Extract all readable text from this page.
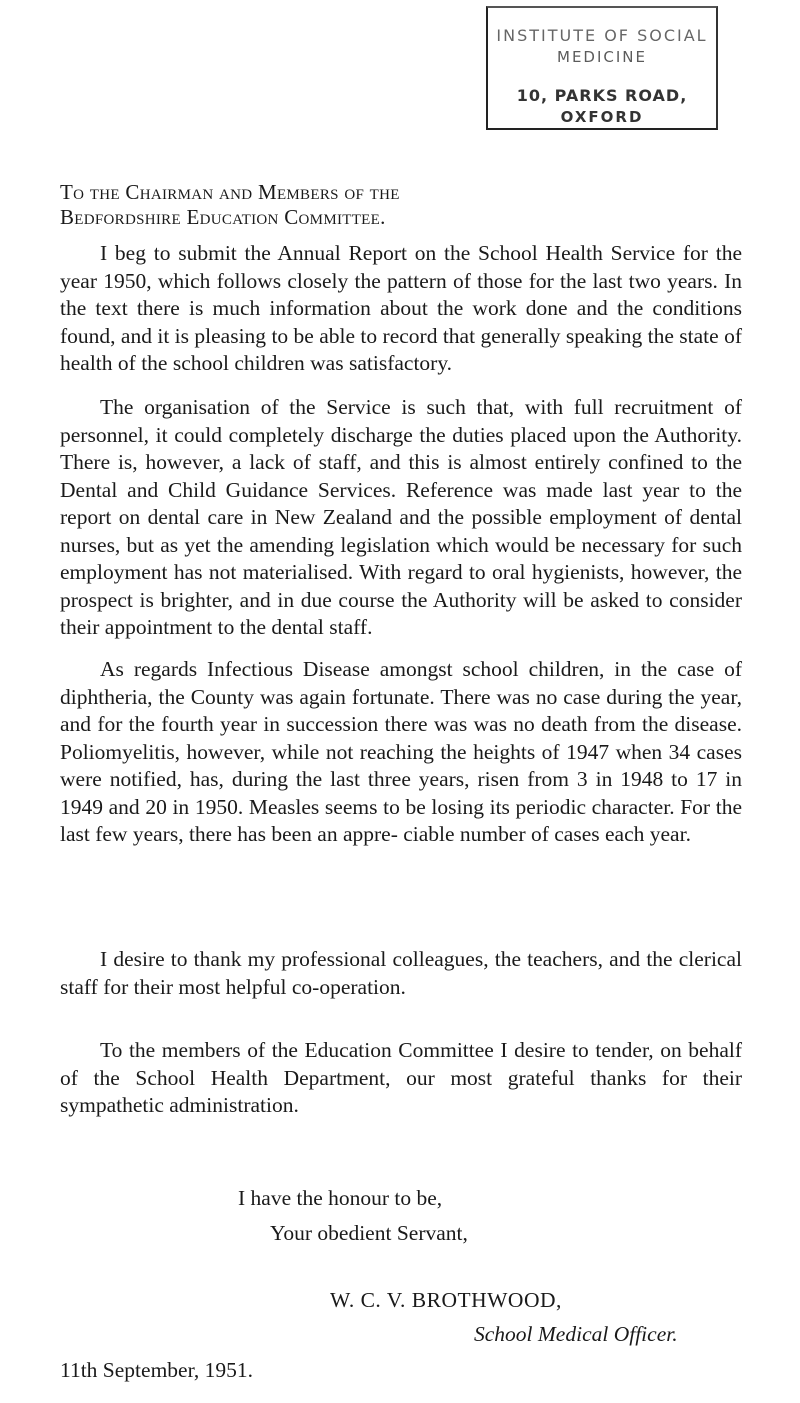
INSTITUTE OF SOCIAL
MEDICINE
10, PARKS ROAD,
OXFORD
To the Chairman and Members of the
Bedfordshire Education Committee.

I beg to submit the Annual Report on the School Health Service for the year 1950, which follows closely the pattern of those for the last two years. In the text there is much information about the work done and the conditions found, and it is pleasing to be able to record that generally speaking the state of health of the school children was satisfactory.

The organisation of the Service is such that, with full recruitment of personnel, it could completely discharge the duties placed upon the Authority. There is, however, a lack of staff, and this is almost entirely confined to the Dental and Child Guidance Services. Reference was made last year to the report on dental care in New Zealand and the possible employment of dental nurses, but as yet the amending legislation which would be necessary for such employment has not materialised. With regard to oral hygienists, however, the prospect is brighter, and in due course the Authority will be asked to consider their appointment to the dental staff.

As regards Infectious Disease amongst school children, in the case of diphtheria, the County was again fortunate. There was no case during the year, and for the fourth year in succession there was was no death from the disease. Poliomyelitis, however, while not reaching the heights of 1947 when 34 cases were notified, has, during the last three years, risen from 3 in 1948 to 17 in 1949 and 20 in 1950. Measles seems to be losing its periodic character. For the last few years, there has been an appre- ciable number of cases each year.

I desire to thank my professional colleagues, the teachers, and the clerical staff for their most helpful co-operation.

To the members of the Education Committee I desire to tender, on behalf of the School Health Department, our most grateful thanks for their sympathetic administration.

I have the honour to be,
Your obedient Servant,
W. C. V. BROTHWOOD,
School Medical Officer.
11th September, 1951.
